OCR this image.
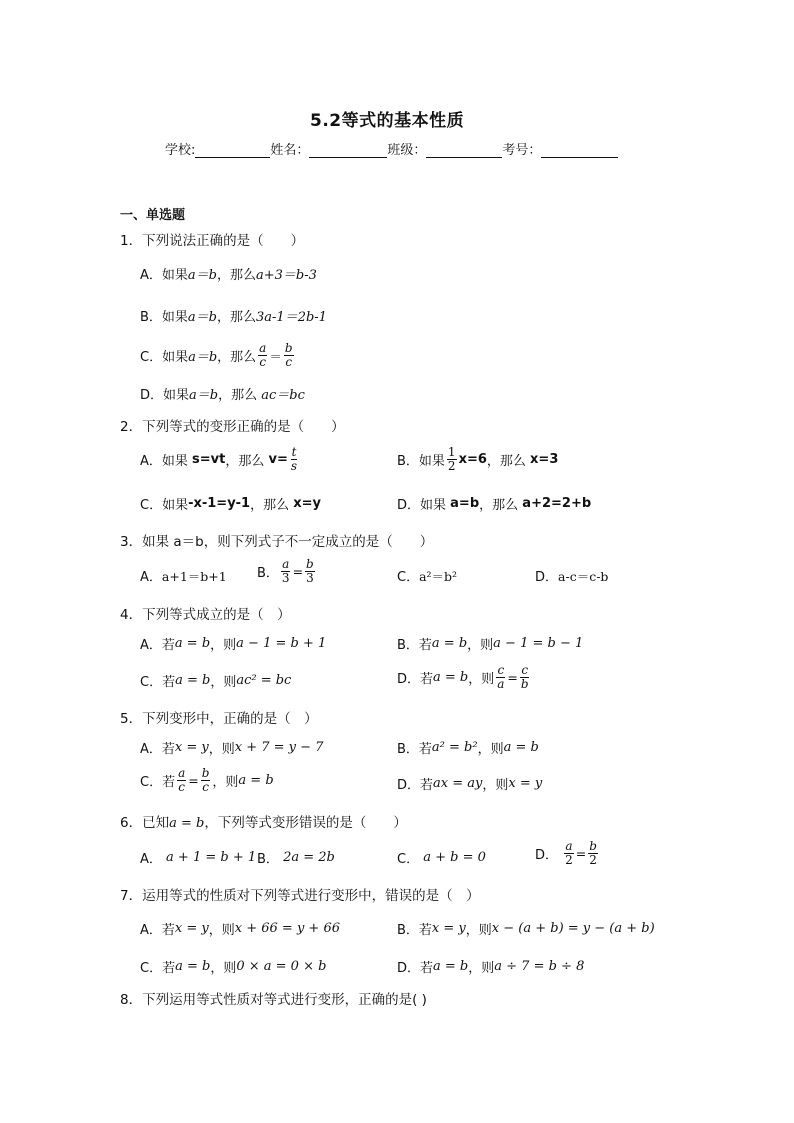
5.2等式的基本性质
学校:	姓名：	班级：	考号：
一、单选题
1．下列说法正确的是（　　）
A．如果 a＝b ，那么 a+3＝b-3
B．如果 a＝b ，那么 3a-1＝2b-1
C．如果 a＝b ，那么 $\frac{a}{c} = \frac{b}{c}$
D．如果 a＝b ，那么
ac＝bc
2．下列等式的变形正确的是（　　）
A．如果
s=vt ，那么
$v= \frac{t}{s}$	B．如果 $\frac{1}{2} x=6$ ，那么
x=3
C．如果 -x-1=y-1 ，那么
x=y	D．如果
a=b ，那么
a+2=2+b
3．如果 a＝b，则下列式子不一定成立的是（　　）
A． a+1＝b+1 B． $\frac{a}{3} = \frac{b}{3}$	C． a²＝b²	D． a-c＝c-b
4．下列等式成立的是（　）
A．若 a = b ，则 a − 1 = b + 1	B．若 a = b ，则 a − 1 = b − 1
C．若 a = b ，则 ac² = bc	D．若 a = b ，则 $\frac{c}{a} = \frac{c}{b}$
5．下列变形中，正确的是（　）
A．若 x = y ，则 x + 7 = y − 7	B．若 a² = b² ，则 a = b
C．若 $\frac{a}{c} = \frac{b}{c}$ ，则 a = b	D．若 ax = ay ，则 x = y
6．已知a = b，下列等式变形错误的是（　　）
A．
a + 1 = b + 1 B．
2a = 2b	C．
a + b = 0	D．
$\frac{a}{2} = \frac{b}{2}$
7．运用等式的性质对下列等式进行变形中，错误的是（　）
A．若 x = y ，则 x + 66 = y + 66	B．若 x = y ，则 x − (a + b) = y − (a + b)
C．若 a = b ，则 0 × a = 0 × b	D．若 a = b ，则 a ÷ 7 = b ÷ 8
8．下列运用等式性质对等式进行变形，正确的是( )
